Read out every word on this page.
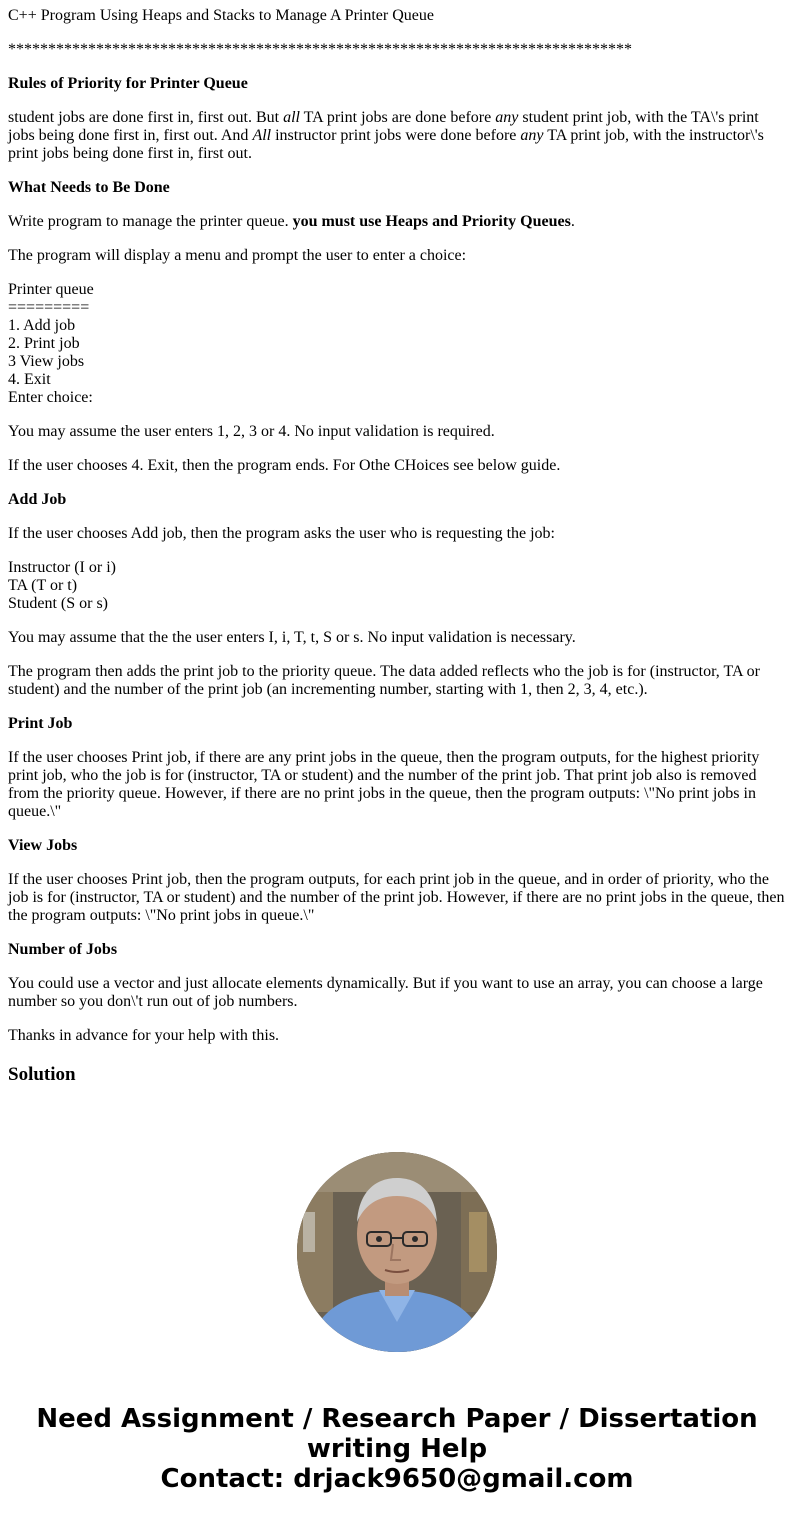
C++ Program Using Heaps and Stacks to Manage A Printer Queue
******************************************************************************
Rules of Priority for Printer Queue
student jobs are done first in, first out. But all TA print jobs are done before any student print job, with the TA\'s print jobs being done first in, first out. And All instructor print jobs were done before any TA print job, with the instructor\'s print jobs being done first in, first out.
What Needs to Be Done
Write program to manage the printer queue. you must use Heaps and Priority Queues.
The program will display a menu and prompt the user to enter a choice:
Printer queue
=========
1. Add job
2. Print job
3 View jobs
4. Exit
Enter choice:
You may assume the user enters 1, 2, 3 or 4. No input validation is required.
If the user chooses 4. Exit, then the program ends. For Othe CHoices see below guide.
Add Job
If the user chooses Add job, then the program asks the user who is requesting the job:
Instructor (I or i)
TA (T or t)
Student (S or s)
You may assume that the the user enters I, i, T, t, S or s. No input validation is necessary.
The program then adds the print job to the priority queue. The data added reflects who the job is for (instructor, TA or student) and the number of the print job (an incrementing number, starting with 1, then 2, 3, 4, etc.).
Print Job
If the user chooses Print job, if there are any print jobs in the queue, then the program outputs, for the highest priority print job, who the job is for (instructor, TA or student) and the number of the print job. That print job also is removed from the priority queue. However, if there are no print jobs in the queue, then the program outputs: \"No print jobs in queue.\"
View Jobs
If the user chooses Print job, then the program outputs, for each print job in the queue, and in order of priority, who the job is for (instructor, TA or student) and the number of the print job. However, if there are no print jobs in the queue, then the program outputs: \"No print jobs in queue.\"
Number of Jobs
You could use a vector and just allocate elements dynamically. But if you want to use an array, you can choose a large number so you don\'t run out of job numbers.
Thanks in advance for your help with this.
Solution
Need Assignment / Research Paper / Dissertation
writing Help
Contact: drjack9650@gmail.com
